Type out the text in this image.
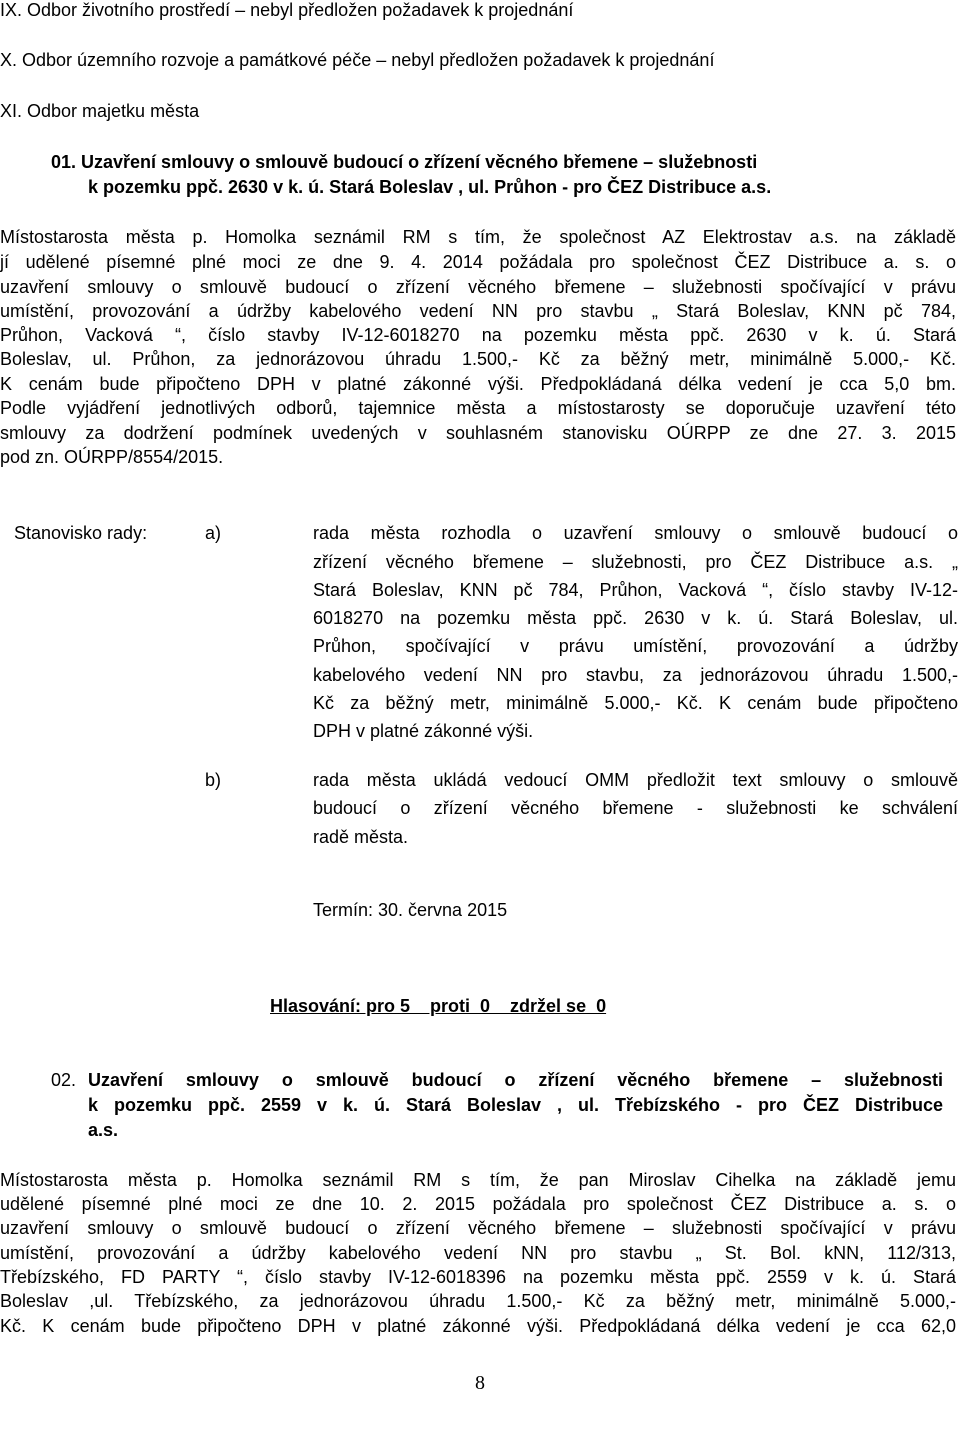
IX. Odbor životního prostředí – nebyl předložen požadavek k projednání
X. Odbor územního rozvoje a památkové péče – nebyl předložen požadavek k projednání
XI. Odbor majetku města
01. Uzavření smlouvy o smlouvě budoucí o zřízení věcného břemene – služebnosti
k pozemku ppč. 2630 v k. ú. Stará Boleslav , ul. Průhon - pro ČEZ Distribuce a.s.
Místostarosta města p. Homolka seznámil RM s tím, že společnost AZ Elektrostav a.s. na základě
jí udělené písemné plné moci ze dne 9. 4. 2014 požádala pro společnost ČEZ Distribuce a. s. o
uzavření smlouvy o smlouvě budoucí o zřízení věcného břemene – služebnosti spočívající v právu
umístění, provozování a údržby kabelového vedení NN pro stavbu „ Stará Boleslav, KNN pč 784,
Průhon, Vacková “, číslo stavby IV-12-6018270 na pozemku města ppč. 2630 v k. ú. Stará
Boleslav, ul. Průhon, za jednorázovou úhradu 1.500,- Kč za běžný metr, minimálně 5.000,- Kč.
K cenám bude připočteno DPH v platné zákonné výši. Předpokládaná délka vedení je cca 5,0 bm.
Podle vyjádření jednotlivých odborů, tajemnice města a místostarosty se doporučuje uzavření této
smlouvy za dodržení podmínek uvedených v souhlasném stanovisku OÚRPP ze dne 27. 3. 2015
pod zn. OÚRPP/8554/2015.
Stanovisko rady:	a)	rada města rozhodla o uzavření smlouvy o smlouvě budoucí o
zřízení věcného břemene – služebnosti, pro ČEZ Distribuce a.s. „
Stará Boleslav, KNN pč 784, Průhon, Vacková “, číslo stavby IV-12-
6018270 na pozemku města ppč. 2630 v k. ú. Stará Boleslav, ul.
Průhon, spočívající v právu umístění, provozování a údržby
kabelového vedení NN pro stavbu, za jednorázovou úhradu 1.500,-
Kč za běžný metr, minimálně 5.000,- Kč. K cenám bude připočteno
DPH v platné zákonné výši.
b)	rada města ukládá vedoucí OMM předložit text smlouvy o smlouvě
budoucí o zřízení věcného břemene - služebnosti ke schválení
radě města.
Termín: 30. června 2015
Hlasování: pro 5    proti  0    zdržel se  0
02. Uzavření smlouvy o smlouvě budoucí o zřízení věcného břemene – služebnosti
k pozemku ppč. 2559 v k. ú. Stará Boleslav , ul. Třebízského - pro ČEZ Distribuce
a.s.
Místostarosta města p. Homolka seznámil RM s tím, že pan Miroslav Cihelka na základě jemu
udělené písemné plné moci ze dne 10. 2. 2015 požádala pro společnost ČEZ Distribuce a. s. o
uzavření smlouvy o smlouvě budoucí o zřízení věcného břemene – služebnosti spočívající v právu
umístění, provozování a údržby kabelového vedení NN pro stavbu „ St. Bol. kNN, 112/313,
Třebízského, FD PARTY “, číslo stavby IV-12-6018396 na pozemku města ppč. 2559 v k. ú. Stará
Boleslav ,ul. Třebízského, za jednorázovou úhradu 1.500,- Kč za běžný metr, minimálně 5.000,-
Kč. K cenám bude připočteno DPH v platné zákonné výši. Předpokládaná délka vedení je cca 62,0
8
